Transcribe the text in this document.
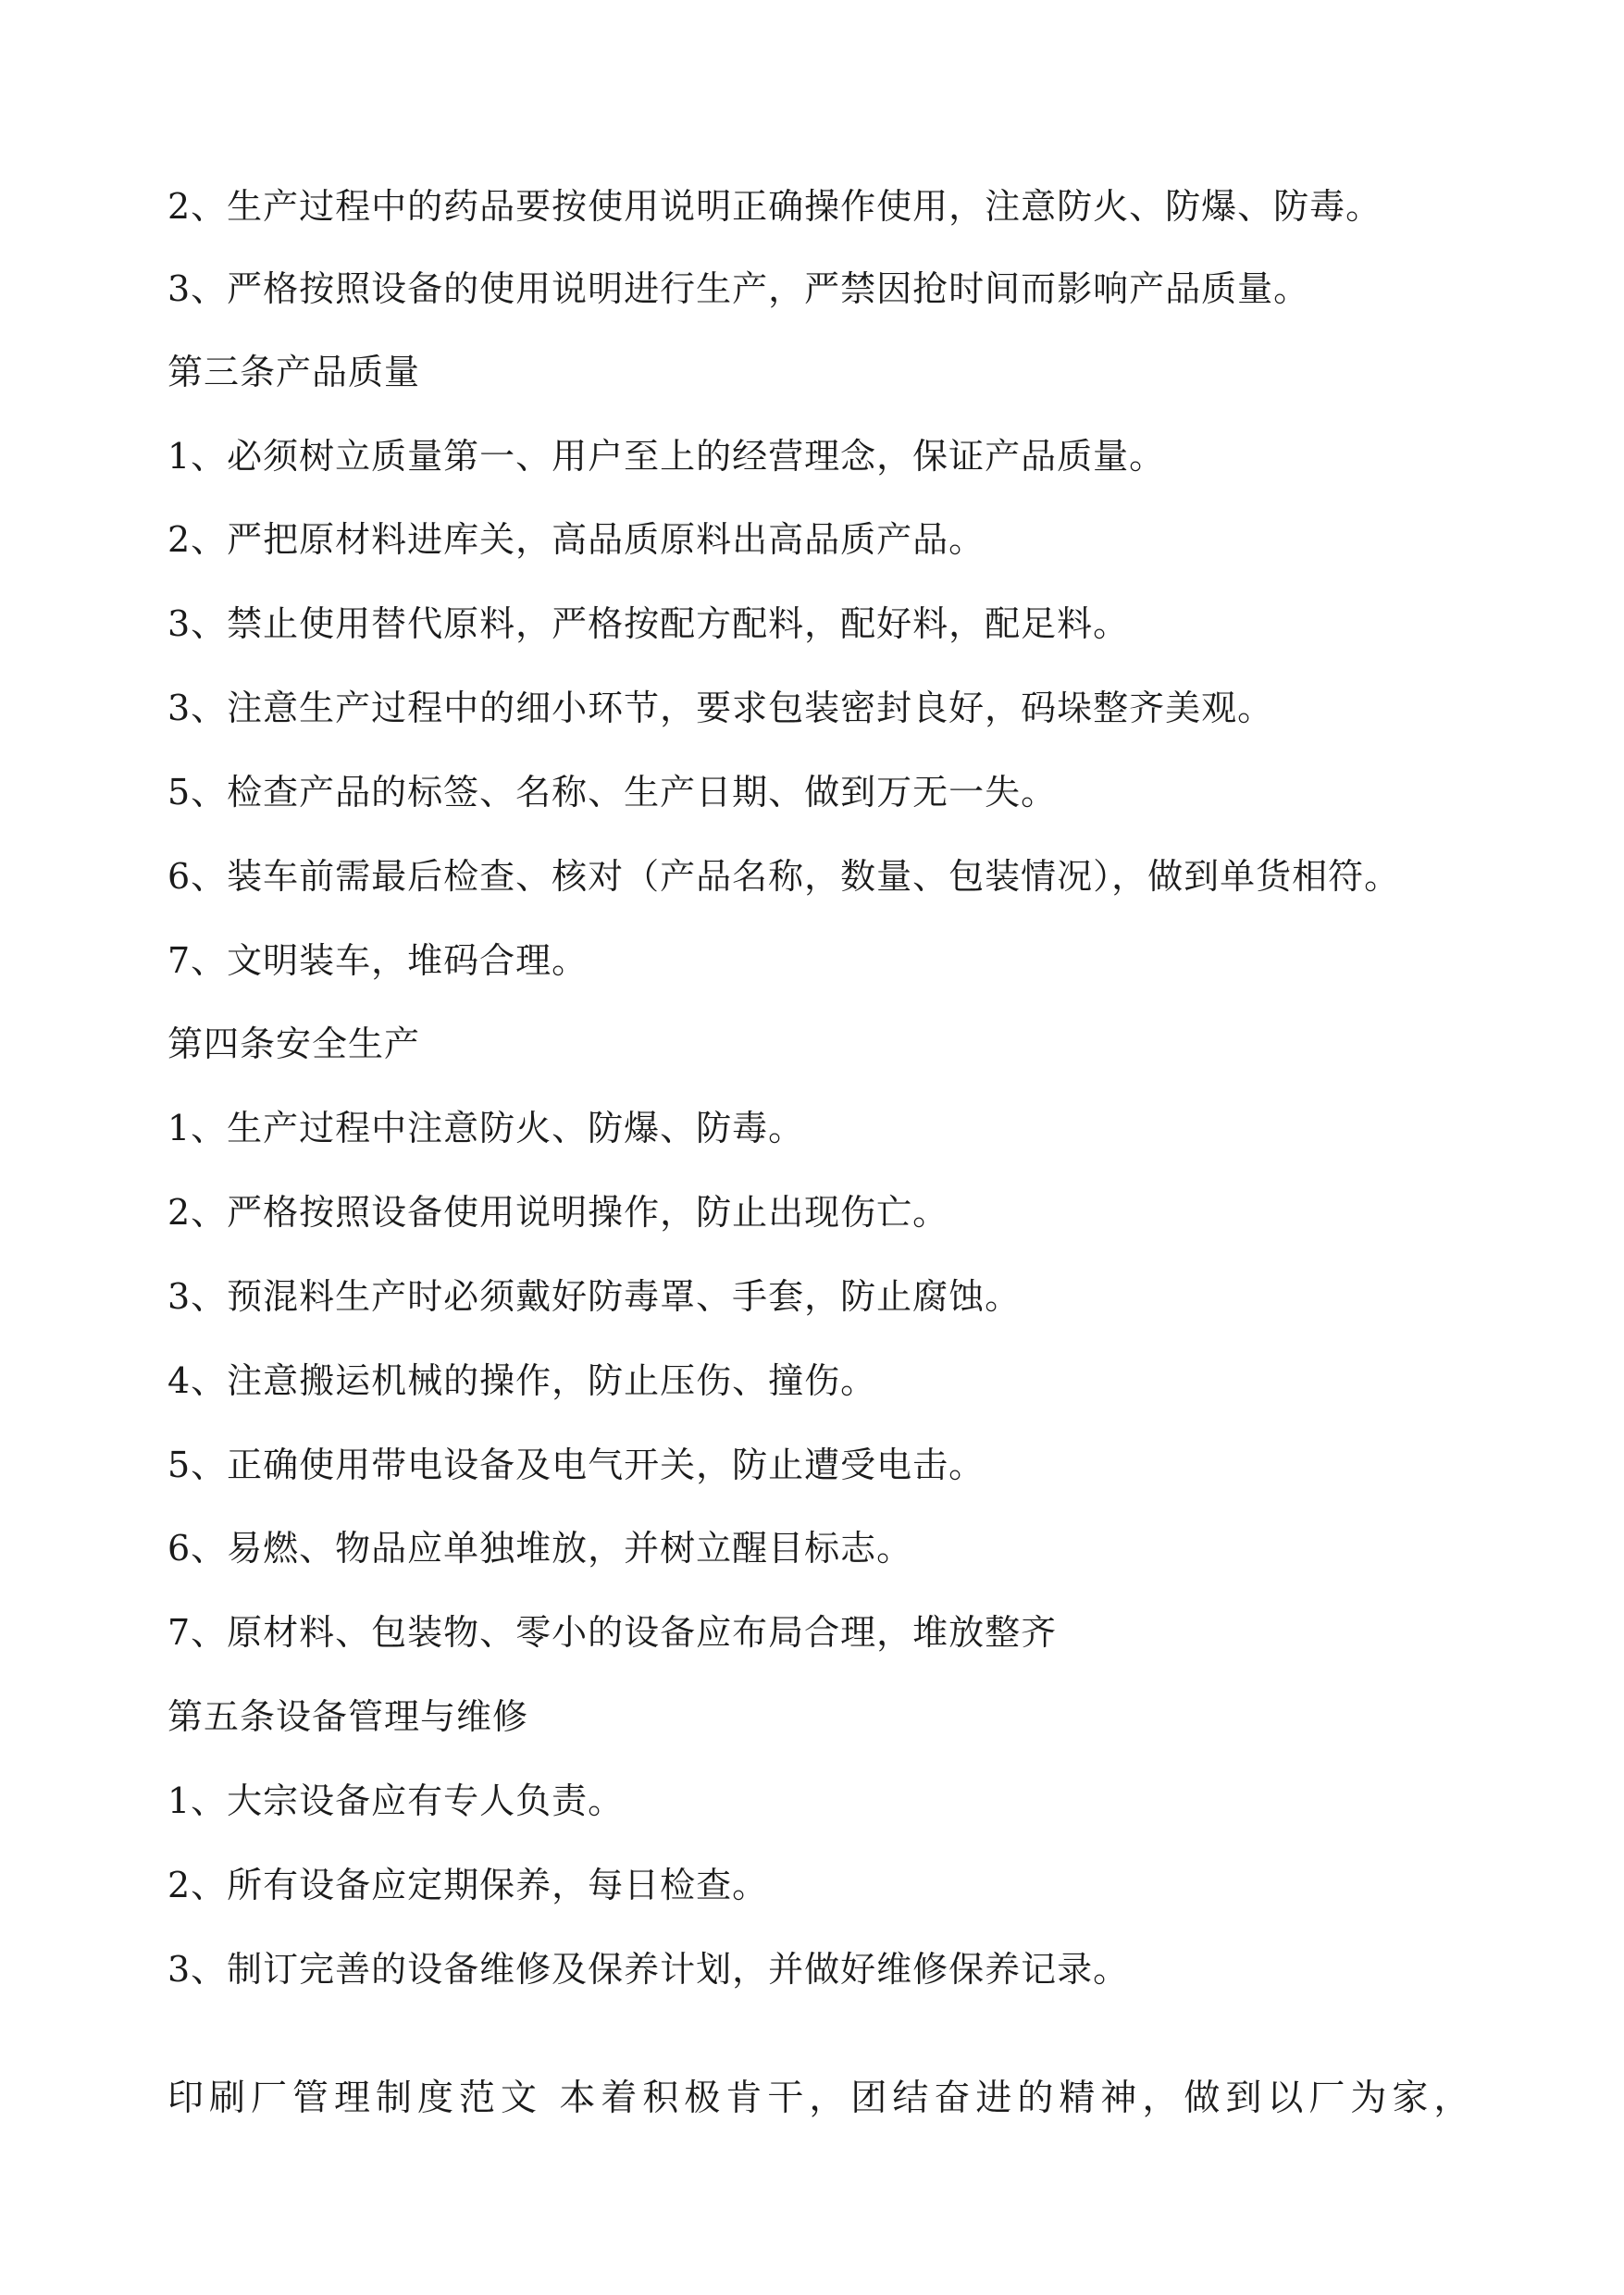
2、生产过程中的药品要按使用说明正确操作使用，注意防火、防爆、防毒。
3、严格按照设备的使用说明进行生产，严禁因抢时间而影响产品质量。
第三条产品质量
1、必须树立质量第一、用户至上的经营理念，保证产品质量。
2、严把原材料进库关，高品质原料出高品质产品。
3、禁止使用替代原料，严格按配方配料，配好料，配足料。
3、注意生产过程中的细小环节，要求包装密封良好，码垛整齐美观。
5、检查产品的标签、名称、生产日期、做到万无一失。
6、装车前需最后检查、核对（产品名称，数量、包装情况），做到单货相符。
7、文明装车，堆码合理。
第四条安全生产
1、生产过程中注意防火、防爆、防毒。
2、严格按照设备使用说明操作，防止出现伤亡。
3、预混料生产时必须戴好防毒罩、手套，防止腐蚀。
4、注意搬运机械的操作，防止压伤、撞伤。
5、正确使用带电设备及电气开关，防止遭受电击。
6、易燃、物品应单独堆放，并树立醒目标志。
7、原材料、包装物、零小的设备应布局合理，堆放整齐
第五条设备管理与维修
1、大宗设备应有专人负责。
2、所有设备应定期保养，每日检查。
3、制订完善的设备维修及保养计划，并做好维修保养记录。
印刷厂管理制度范文 本着积极肯干，团结奋进的精神，做到以厂为家，
